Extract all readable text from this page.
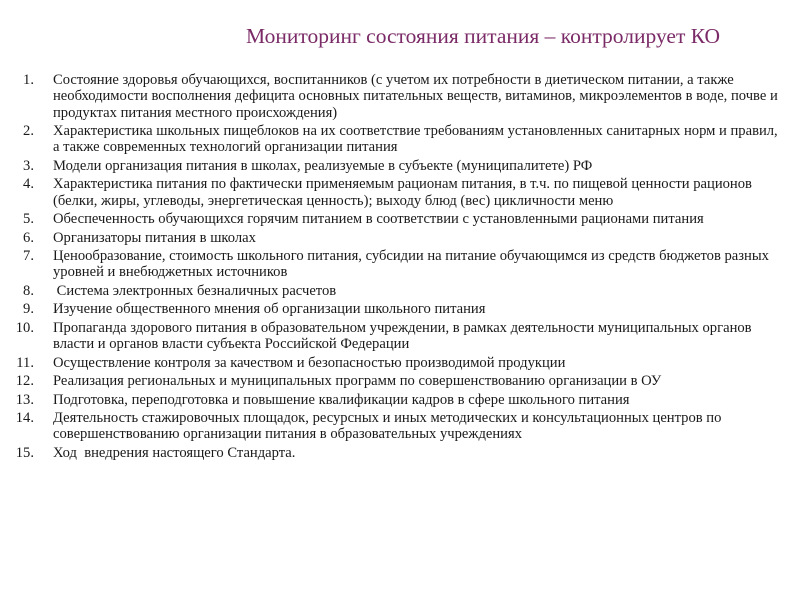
Мониторинг состояния питания – контролирует КО
1. Состояние здоровья обучающихся, воспитанников (с учетом их потребности в диетическом питании, а также необходимости восполнения дефицита основных питательных веществ, витаминов, микроэлементов в воде, почве и продуктах питания местного происхождения)
2. Характеристика школьных пищеблоков на их соответствие требованиям установленных санитарных норм и правил, а также современных технологий организации питания
3. Модели организация питания в школах, реализуемые в субъекте (муниципалитете) РФ
4. Характеристика питания по фактически применяемым рационам питания, в т.ч. по пищевой ценности рационов (белки, жиры, углеводы, энергетическая ценность); выходу блюд (вес) цикличности меню
5. Обеспеченность обучающихся горячим питанием в соответствии с установленными рационами питания
6. Организаторы питания в школах
7. Ценообразование, стоимость школьного питания, субсидии на питание обучающимся из средств бюджетов разных уровней и внебюджетных источников
8. Система электронных безналичных расчетов
9. Изучение общественного мнения об организации школьного питания
10. Пропаганда здорового питания в образовательном учреждении, в рамках деятельности муниципальных органов власти и органов власти субъекта Российской Федерации
11. Осуществление контроля за качеством и безопасностью производимой продукции
12. Реализация региональных и муниципальных программ по совершенствованию организации в ОУ
13. Подготовка, переподготовка и повышение квалификации кадров в сфере школьного питания
14. Деятельность стажировочных площадок, ресурсных и иных методических и консультационных центров по совершенствованию организации питания в образовательных учреждениях
15. Ход  внедрения настоящего Стандарта.
